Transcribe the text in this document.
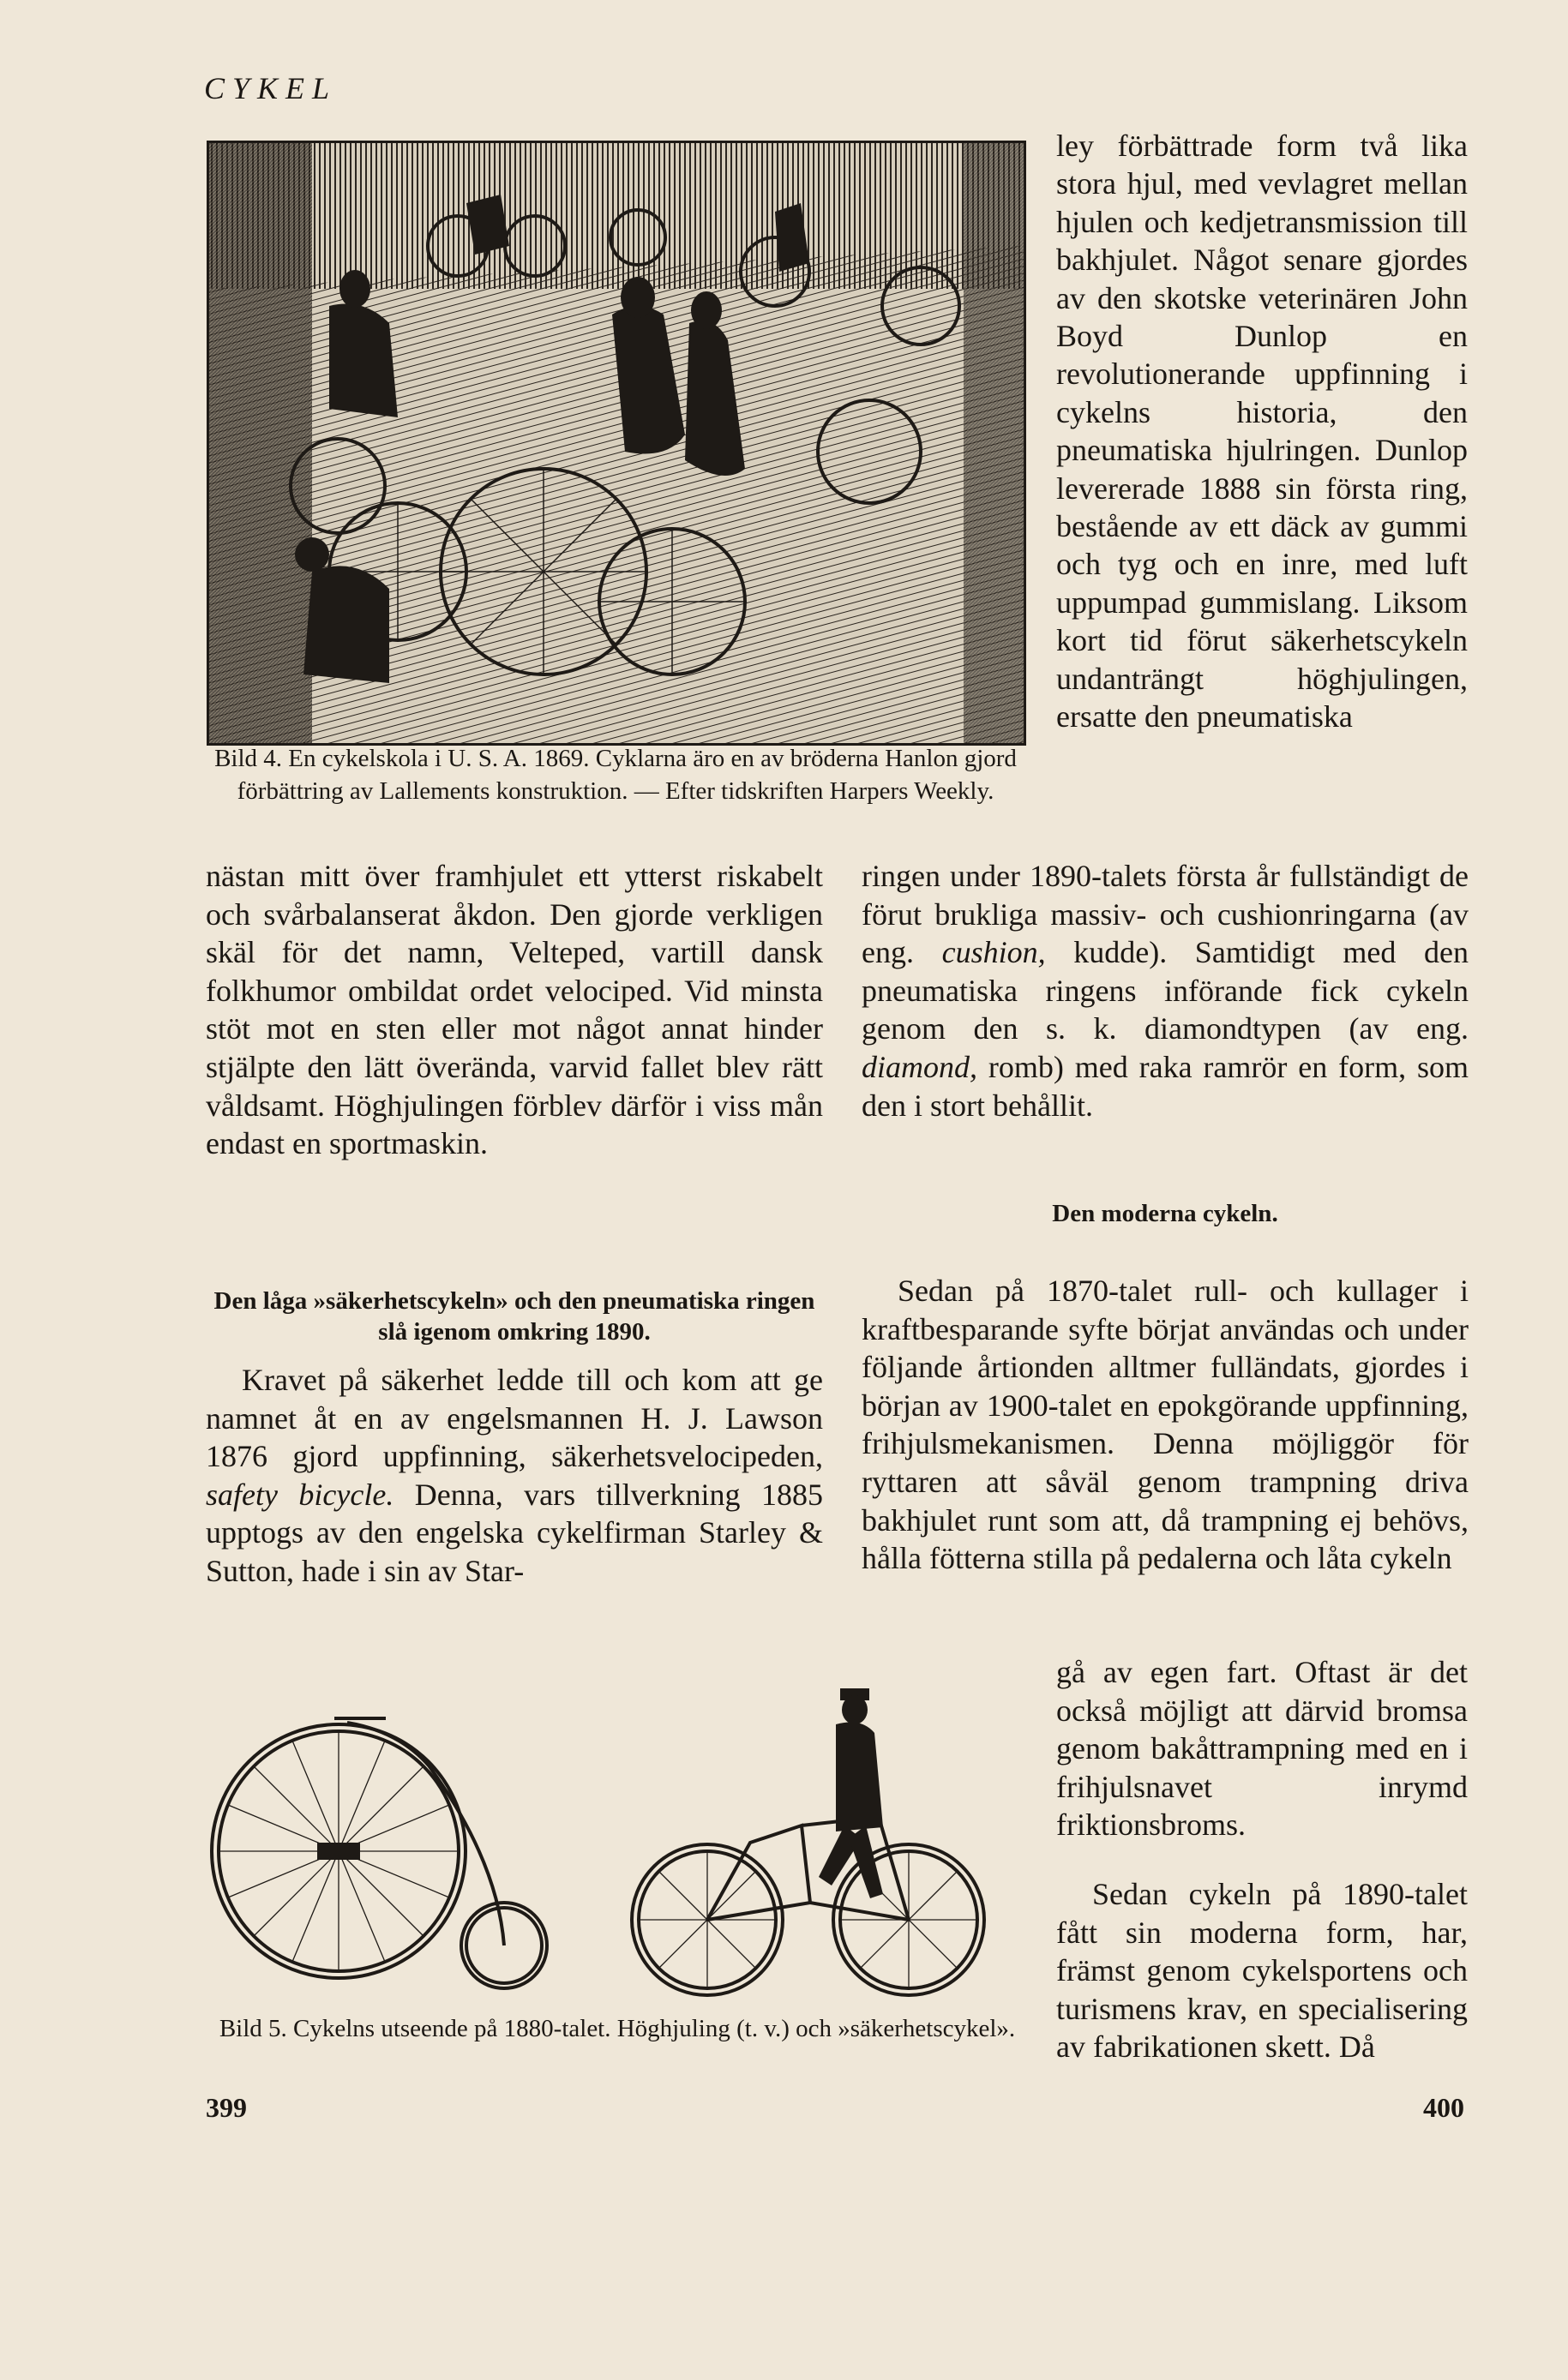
CYKEL
Bild 4. En cykelskola i U. S. A. 1869. Cyklarna äro en av bröderna Hanlon gjord förbättring av Lallements konstruktion. — Efter tidskriften Harpers Weekly.

ley förbättrade form två lika stora hjul, med vevlagret mellan hjulen och kedjetransmission till bakhjulet. Något senare gjordes av den skotske veterinären John Boyd Dunlop en revolutionerande uppfinning i cykelns historia, den pneumatiska hjulringen. Dunlop levererade 1888 sin första ring, bestående av ett däck av gummi och tyg och en inre, med luft uppumpad gummislang. Liksom kort tid förut säkerhetscykeln undanträngt höghjulingen, ersatte den pneumatiska

nästan mitt över framhjulet ett ytterst riskabelt och svårbalanserat åkdon. Den gjorde verkligen skäl för det namn, Velteped, vartill dansk folkhumor ombildat ordet velociped. Vid minsta stöt mot en sten eller mot något annat hinder stjälpte den lätt överända, varvid fallet blev rätt våldsamt. Höghjulingen förblev därför i viss mån endast en sportmaskin.

ringen under 1890-talets första år fullständigt de förut brukliga massiv- och cushionringarna (av eng. cushion, kudde). Samtidigt med den pneumatiska ringens införande fick cykeln genom den s. k. diamondtypen (av eng. diamond, romb) med raka ramrör en form, som den i stort behållit.

Den moderna cykeln.

Sedan på 1870-talet rull- och kullager i kraftbesparande syfte börjat användas och under följande årtionden alltmer fulländats, gjordes i början av 1900-talet en epokgörande uppfinning, frihjulsmekanismen. Denna möjliggör för ryttaren att såväl genom trampning driva bakhjulet runt som att, då trampning ej behövs, hålla fötterna stilla på pedalerna och låta cykeln

gå av egen fart. Oftast är det också möjligt att därvid bromsa genom bakåttrampning med en i frihjulsnavet inrymd friktionsbroms.

Sedan cykeln på 1890-talet fått sin moderna form, har, främst genom cykelsportens och turismens krav, en specialisering av fabrikationen skett. Då

Den låga »säkerhetscykeln» och den pneumatiska ringen slå igenom omkring 1890.

Kravet på säkerhet ledde till och kom att ge namnet åt en av engelsmannen H. J. Lawson 1876 gjord uppfinning, säkerhetsvelocipeden, safety bicycle. Denna, vars tillverkning 1885 upptogs av den engelska cykelfirman Starley & Sutton, hade i sin av Star-

Bild 5. Cykelns utseende på 1880-talet. Höghjuling (t. v.) och »säkerhetscykel».
399	400
